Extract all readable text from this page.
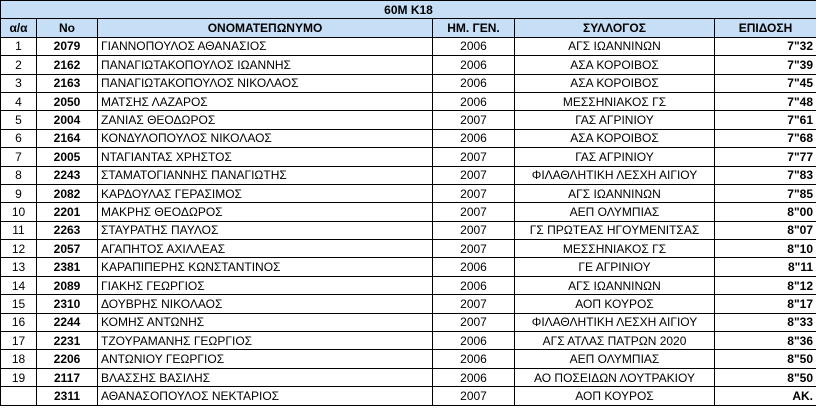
60Μ Κ18					
α/α	No	ΟΝΟΜΑΤΕΠΩΝΥΜΟ	ΗΜ. ΓΕΝ.	ΣΥΛΛΟΓΟΣ	ΕΠΙΔΟΣΗ
1	2079	ΓΙΑΝΝΟΠΟΥΛΟΣ ΑΘΑΝΑΣΙΟΣ	2006	ΑΓΣ ΙΩΑΝΝΙΝΩΝ	7"32
2	2162	ΠΑΝΑΓΙΩΤΑΚΟΠΟΥΛΟΣ ΙΩΑΝΝΗΣ	2006	ΑΣΑ ΚΟΡΟΙΒΟΣ	7"39
3	2163	ΠΑΝΑΓΙΩΤΑΚΟΠΟΥΛΟΣ ΝΙΚΟΛΑΟΣ	2006	ΑΣΑ ΚΟΡΟΙΒΟΣ	7"45
4	2050	ΜΑΤΣΗΣ ΛΑΖΑΡΟΣ	2006	ΜΕΣΣΗΝΙΑΚΟΣ ΓΣ	7"48
5	2004	ΖΑΝΙΑΣ ΘΕΟΔΩΡΟΣ	2007	ΓΑΣ ΑΓΡΙΝΙΟΥ	7"61
6	2164	ΚΟΝΔΥΛΟΠΟΥΛΟΣ ΝΙΚΟΛΑΟΣ	2006	ΑΣΑ ΚΟΡΟΙΒΟΣ	7"68
7	2005	ΝΤΑΓΙΑΝΤΑΣ ΧΡΗΣΤΟΣ	2007	ΓΑΣ ΑΓΡΙΝΙΟΥ	7"77
8	2243	ΣΤΑΜΑΤΟΓΙΑΝΝΗΣ ΠΑΝΑΓΙΩΤΗΣ	2007	ΦΙΛΑΘΛΗΤΙΚΗ ΛΕΣΧΗ ΑΙΓΙΟΥ	7"83
9	2082	ΚΑΡΔΟΥΛΑΣ ΓΕΡΑΣΙΜΟΣ	2007	ΑΓΣ ΙΩΑΝΝΙΝΩΝ	7"85
10	2201	ΜΑΚΡΗΣ ΘΕΟΔΩΡΟΣ	2007	ΑΕΠ ΟΛΥΜΠΙΑΣ	8"00
11	2263	ΣΤΑΥΡΑΤΗΣ ΠΑΥΛΟΣ	2007	ΓΣ ΠΡΩΤΕΑΣ ΗΓΟΥΜΕΝΙΤΣΑΣ	8"07
12	2057	ΑΓΑΠΗΤΟΣ ΑΧΙΛΛΕΑΣ	2007	ΜΕΣΣΗΝΙΑΚΟΣ ΓΣ	8"10
13	2381	ΚΑΡΑΠΙΠΕΡΗΣ ΚΩΝΣΤΑΝΤΙΝΟΣ	2006	ΓΕ ΑΓΡΙΝΙΟΥ	8"11
14	2089	ΓΙΑΚΗΣ ΓΕΩΡΓΙΟΣ	2006	ΑΓΣ ΙΩΑΝΝΙΝΩΝ	8"12
15	2310	ΔΟΥΒΡΗΣ ΝΙΚΟΛΑΟΣ	2007	ΑΟΠ ΚΟΥΡΟΣ	8"17
16	2244	ΚΟΜΗΣ ΑΝΤΩΝΗΣ	2007	ΦΙΛΑΘΛΗΤΙΚΗ ΛΕΣΧΗ ΑΙΓΙΟΥ	8"33
17	2231	ΤΖΟΥΡΑΜΑΝΗΣ ΓΕΩΡΓΙΟΣ	2006	ΑΓΣ ΑΤΛΑΣ ΠΑΤΡΩΝ 2020	8"36
18	2206	ΑΝΤΩΝΙΟΥ ΓΕΩΡΓΙΟΣ	2006	ΑΕΠ ΟΛΥΜΠΙΑΣ	8"50
19	2117	ΒΛΑΣΣΗΣ ΒΑΣΙΛΗΣ	2006	ΑΟ ΠΟΣΕΙΔΩΝ ΛΟΥΤΡΑΚΙΟΥ	8"50
	2311	ΑΘΑΝΑΣΟΠΟΥΛΟΣ ΝΕΚΤΑΡΙΟΣ	2007	ΑΟΠ ΚΟΥΡΟΣ	ΑΚ.
